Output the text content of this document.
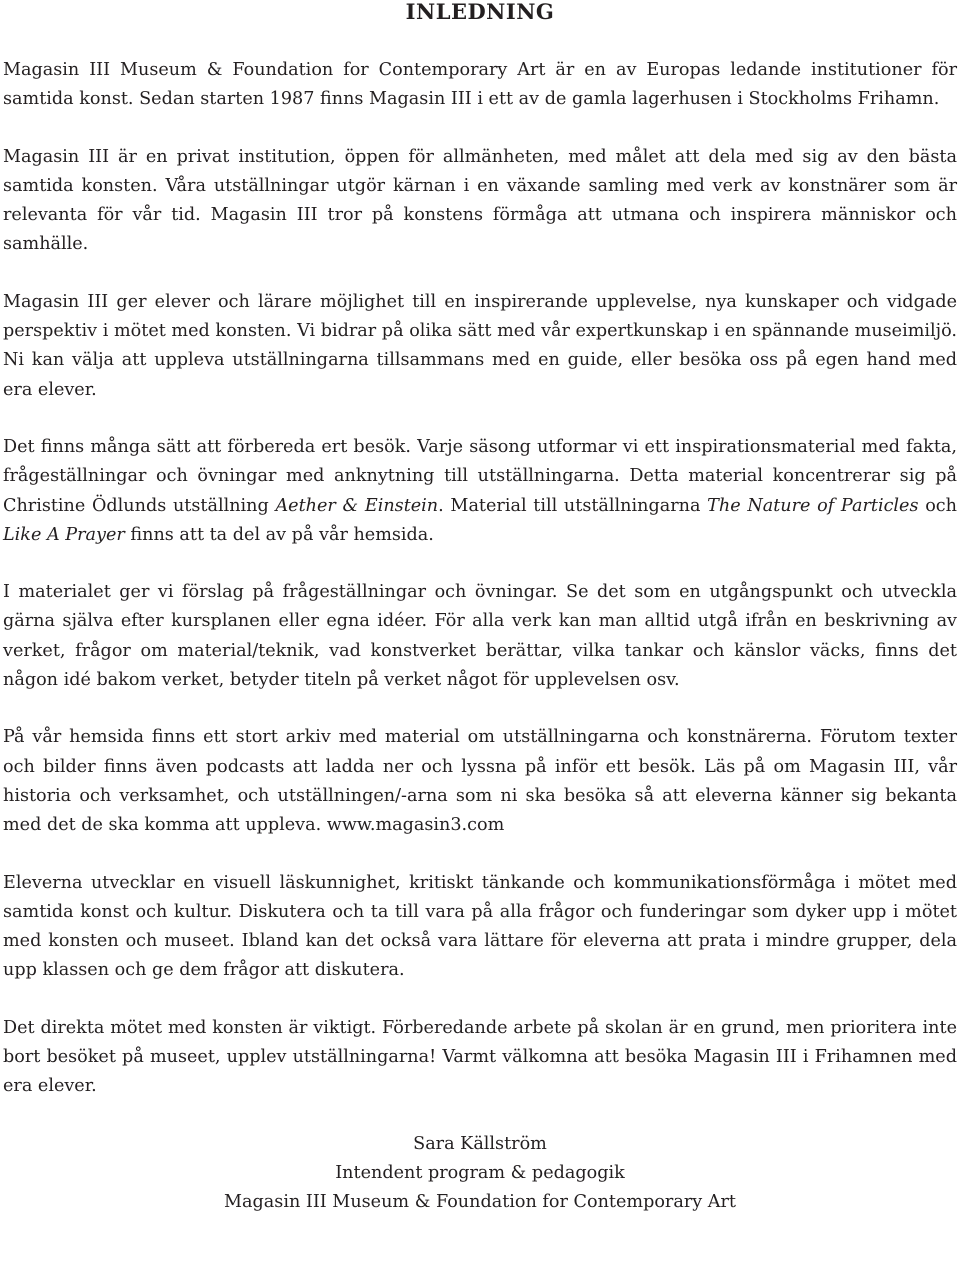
INLEDNING

Magasin III Museum & Foundation for Contemporary Art är en av Europas ledande institutioner för samtida konst. Sedan starten 1987 finns Magasin III i ett av de gamla lagerhusen i Stockholms Frihamn.

Magasin III är en privat institution, öppen för allmänheten, med målet att dela med sig av den bästa samtida konsten. Våra utställningar utgör kärnan i en växande samling med verk av konstnärer som är relevanta för vår tid. Magasin III tror på konstens förmåga att utmana och inspirera människor och samhälle.

Magasin III ger elever och lärare möjlighet till en inspirerande upplevelse, nya kunskaper och vidgade perspektiv i mötet med konsten. Vi bidrar på olika sätt med vår expertkunskap i en spännande museimiljö. Ni kan välja att uppleva utställningarna tillsammans med en guide, eller besöka oss på egen hand med era elever.

Det finns många sätt att förbereda ert besök. Varje säsong utformar vi ett inspirationsmaterial med fakta, frågeställningar och övningar med anknytning till utställningarna. Detta material koncentrerar sig på Christine Ödlunds utställning Aether & Einstein. Material till utställningarna The Nature of Particles och Like A Prayer finns att ta del av på vår hemsida.

I materialet ger vi förslag på frågeställningar och övningar. Se det som en utgångspunkt och utveckla gärna själva efter kursplanen eller egna idéer. För alla verk kan man alltid utgå ifrån en beskrivning av verket, frågor om material/teknik, vad konstverket berättar, vilka tankar och känslor väcks, finns det någon idé bakom verket, betyder titeln på verket något för upplevelsen osv.

På vår hemsida finns ett stort arkiv med material om utställningarna och konstnärerna. Förutom texter och bilder finns även podcasts att ladda ner och lyssna på inför ett besök. Läs på om Magasin III, vår historia och verksamhet, och utställningen/-arna som ni ska besöka så att eleverna känner sig bekanta med det de ska komma att uppleva. www.magasin3.com

Eleverna utvecklar en visuell läskunnighet, kritiskt tänkande och kommunikationsförmåga i mötet med samtida konst och kultur. Diskutera och ta till vara på alla frågor och funderingar som dyker upp i mötet med konsten och museet. Ibland kan det också vara lättare för eleverna att prata i mindre grupper, dela upp klassen och ge dem frågor att diskutera.

Det direkta mötet med konsten är viktigt. Förberedande arbete på skolan är en grund, men prioritera inte bort besöket på museet, upplev utställningarna! Varmt välkomna att besöka Magasin III i Frihamnen med era elever.

Sara Källström

Intendent program & pedagogik

Magasin III Museum & Foundation for Contemporary Art
